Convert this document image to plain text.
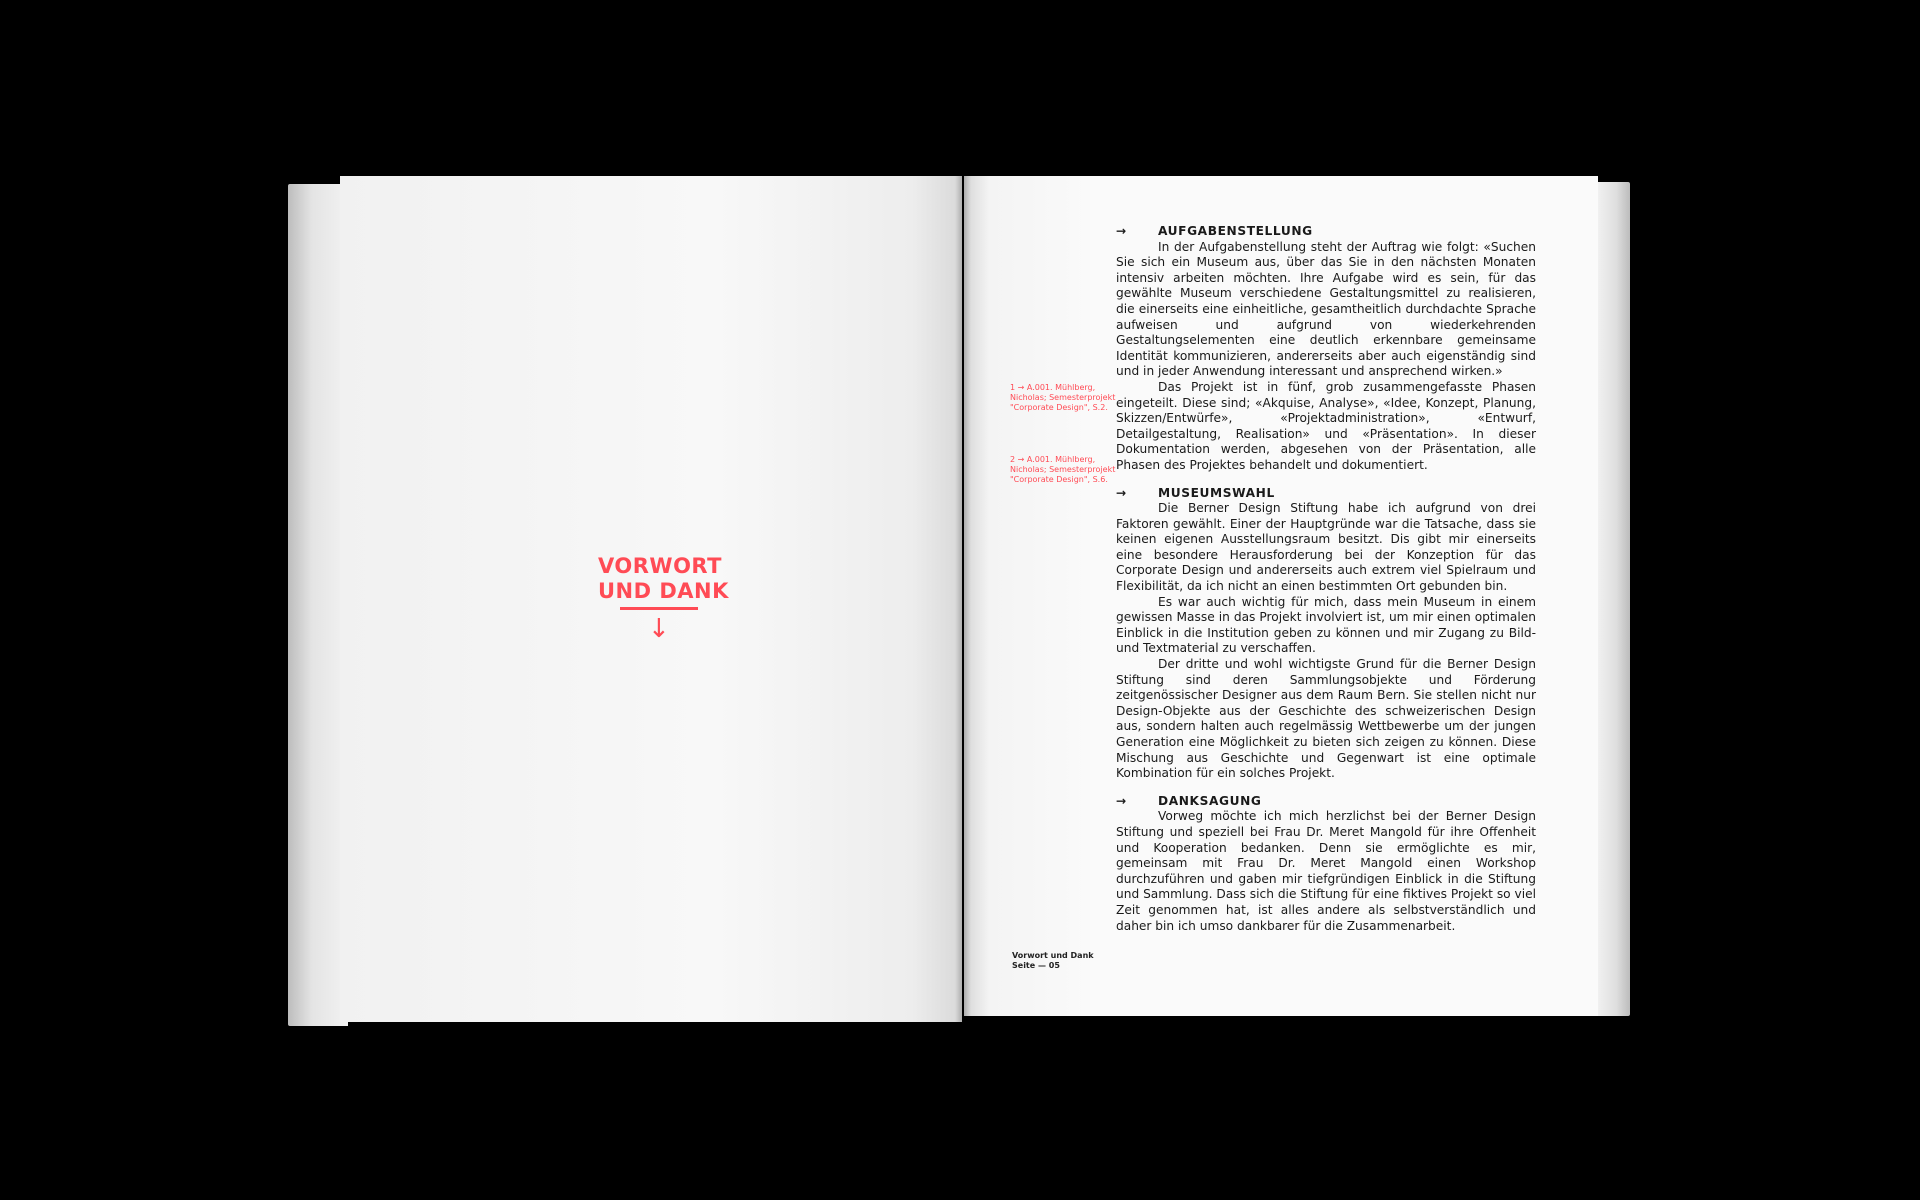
VORWORT
UND DANK
↓
1 → A.001. Mühlberg, Nicholas; Semesterprojekt "Corporate Design", S.2.
2 → A.001. Mühlberg, Nicholas; Semesterprojekt "Corporate Design", S.6.
Vorwort und Dank
Seite — 05
→	AUFGABENSTELLUNG

In der Aufgabenstellung steht der Auftrag wie folgt: «Suchen Sie sich ein Museum aus, über das Sie in den nächsten Monaten intensiv arbeiten möchten. Ihre Aufgabe wird es sein, für das gewählte Museum verschiedene Gestaltungsmittel zu realisieren, die einerseits eine einheitliche, gesamtheitlich durchdachte Sprache aufweisen und aufgrund von wiederkehrenden Gestaltungselementen eine deutlich erkennbare gemeinsame Identität kommunizieren, andererseits aber auch eigenständig sind und in jeder Anwendung interessant und ansprechend wirken.»

Das Projekt ist in fünf, grob zusammengefasste Phasen eingeteilt. Diese sind; «Akquise, Analyse», «Idee, Konzept, Planung, Skizzen/Entwürfe», «Projektadministration», «Entwurf, Detailgestaltung, Realisation» und «Präsentation». In dieser Dokumentation werden, abgesehen von der Präsentation, alle Phasen des Projektes behandelt und dokumentiert.

→	MUSEUMSWAHL

Die Berner Design Stiftung habe ich aufgrund von drei Faktoren gewählt. Einer der Hauptgründe war die Tatsache, dass sie keinen eigenen Ausstellungsraum besitzt. Dis gibt mir einerseits eine besondere Herausforderung bei der Konzeption für das Corporate Design und andererseits auch extrem viel Spielraum und Flexibilität, da ich nicht an einen bestimmten Ort gebunden bin.

Es war auch wichtig für mich, dass mein Museum in einem gewissen Masse in das Projekt involviert ist, um mir einen optimalen Einblick in die Institution geben zu können und mir Zugang zu Bild- und Textmaterial zu verschaffen.

Der dritte und wohl wichtigste Grund für die Berner Design Stiftung sind deren Sammlungsobjekte und Förderung zeitgenössischer Designer aus dem Raum Bern. Sie stellen nicht nur Design-Objekte aus der Geschichte des schweizerischen Design aus, sondern halten auch regelmässig Wettbewerbe um der jungen Generation eine Möglichkeit zu bieten sich zeigen zu können. Diese Mischung aus Geschichte und Gegenwart ist eine optimale Kombination für ein solches Projekt.

→	DANKSAGUNG

Vorweg möchte ich mich herzlichst bei der Berner Design Stiftung und speziell bei Frau Dr. Meret Mangold für ihre Offenheit und Kooperation bedanken. Denn sie ermöglichte es mir, gemeinsam mit Frau Dr. Meret Mangold einen Workshop durchzuführen und gaben mir tiefgründigen Einblick in die Stiftung und Sammlung. Dass sich die Stiftung für eine fiktives Projekt so viel Zeit genommen hat, ist alles andere als selbstverständlich und daher bin ich umso dankbarer für die Zusammenarbeit.
